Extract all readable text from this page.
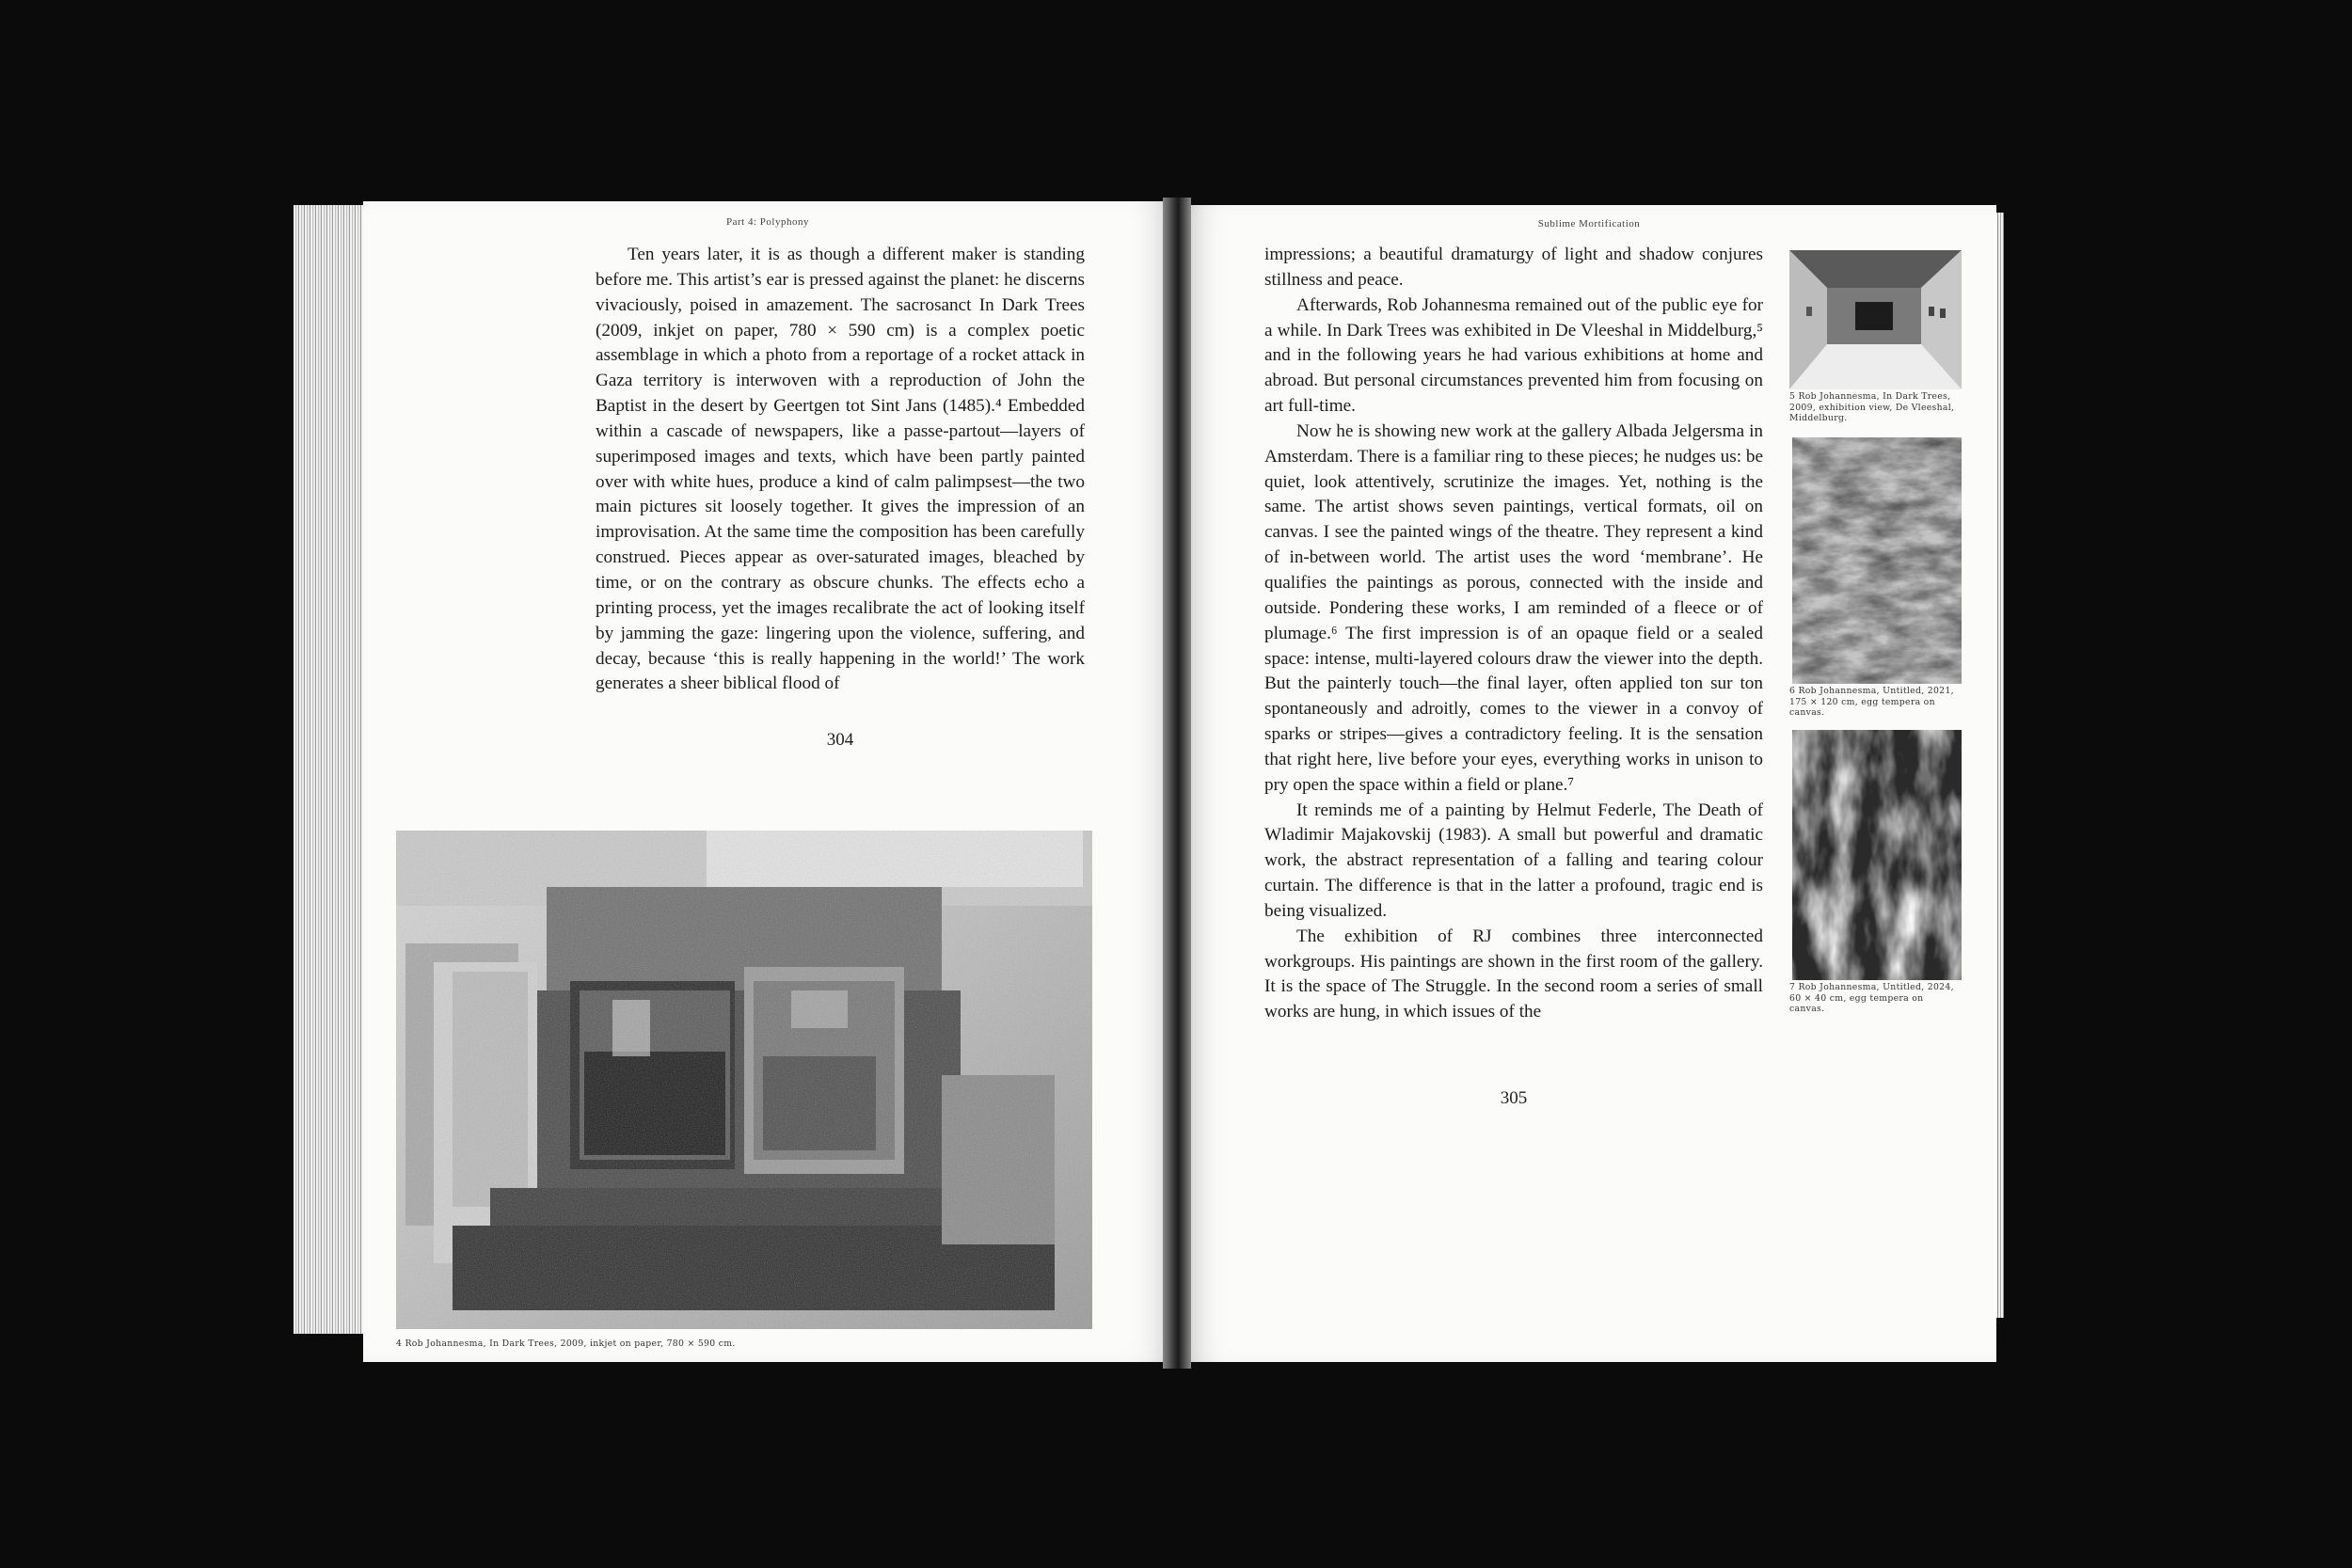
Part 4: Polyphony	Sublime Mortification

Ten years later, it is as though a different maker is standing before me. This artist’s ear is pressed against the planet: he discerns vivaciously, poised in amazement. The sacrosanct In Dark Trees (2009, inkjet on paper, 780 × 590 cm) is a complex poetic assemblage in which a photo from a reportage of a rocket attack in Gaza territory is interwoven with a reproduction of John the Baptist in the desert by Geertgen tot Sint Jans (1485).⁴ Embedded within a cascade of newspapers, like a passe-partout—layers of superimposed images and texts, which have been partly painted over with white hues, produce a kind of calm palimpsest—the two main pictures sit loosely together. It gives the impression of an improvisation. At the same time the composition has been carefully construed. Pieces appear as over-saturated images, bleached by time, or on the contrary as obscure chunks. The effects echo a printing process, yet the images recalibrate the act of looking itself by jamming the gaze: lingering upon the violence, suffering, and decay, because ‘this is really happening in the world!’ The work generates a sheer biblical flood of

304
4 Rob Johannesma, In Dark Trees, 2009, inkjet on paper, 780 × 590 cm.

impressions; a beautiful dramaturgy of light and shadow conjures stillness and peace.

Afterwards, Rob Johannesma remained out of the public eye for a while. In Dark Trees was exhibited in De Vleeshal in Middelburg,⁵ and in the following years he had various exhibitions at home and abroad. But personal circumstances prevented him from focusing on art full-time.

Now he is showing new work at the gallery Albada Jelgersma in Amsterdam. There is a familiar ring to these pieces; he nudges us: be quiet, look attentively, scrutinize the images. Yet, nothing is the same. The artist shows seven paintings, vertical formats, oil on canvas. I see the painted wings of the theatre. They represent a kind of in-between world. The artist uses the word ‘membrane’. He qualifies the paintings as porous, connected with the inside and outside. Pondering these works, I am reminded of a fleece or of plumage.⁶ The first impression is of an opaque field or a sealed space: intense, multi-layered colours draw the viewer into the depth. But the painterly touch—the final layer, often applied ton sur ton spontaneously and adroitly, comes to the viewer in a convoy of sparks or stripes—gives a contradictory feeling. It is the sensation that right here, live before your eyes, everything works in unison to pry open the space within a field or plane.⁷

It reminds me of a painting by Helmut Federle, The Death of Wladimir Majakovskij (1983). A small but powerful and dramatic work, the abstract representation of a falling and tearing colour curtain. The difference is that in the latter a profound, tragic end is being visualized.

The exhibition of RJ combines three interconnected workgroups. His paintings are shown in the first room of the gallery. It is the space of The Struggle. In the second room a series of small works are hung, in which issues of the

305
5 Rob Johannesma, In Dark Trees, 2009, exhibition view, De Vleeshal, Middelburg.
6 Rob Johannesma, Untitled, 2021, 175 × 120 cm, egg tempera on canvas.
7 Rob Johannesma, Untitled, 2024, 60 × 40 cm, egg tempera on canvas.
